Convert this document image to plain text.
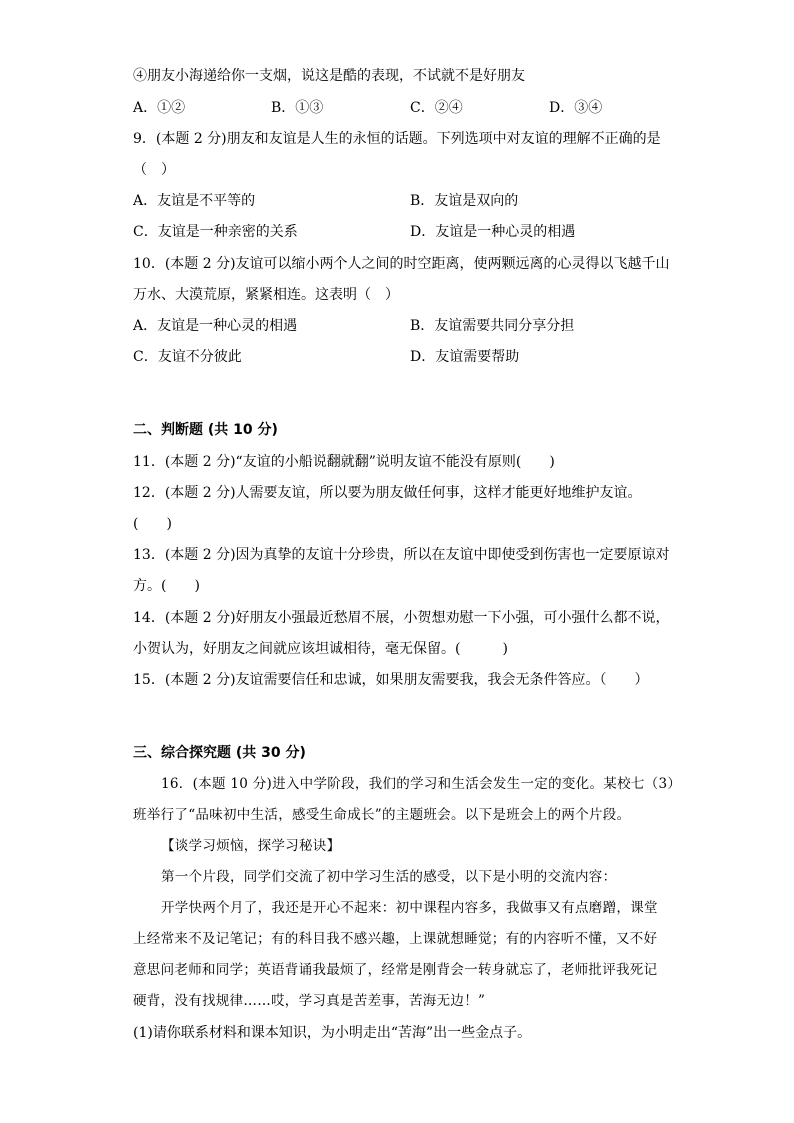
④朋友小海递给你一支烟，说这是酷的表现，不试就不是好朋友
A．①②	B．①③	C．②④	D．③④
9．(本题 2 分)朋友和友谊是人生的永恒的话题。下列选项中对友谊的理解不正确的是
（　）
A．友谊是不平等的	B．友谊是双向的
C．友谊是一种亲密的关系	D．友谊是一种心灵的相遇
10．(本题 2 分)友谊可以缩小两个人之间的时空距离，使两颗远离的心灵得以飞越千山
万水、大漠荒原，紧紧相连。这表明（　）
A．友谊是一种心灵的相遇	B．友谊需要共同分享分担
C．友谊不分彼此	D．友谊需要帮助
二、判断题 (共 10 分)
11．(本题 2 分)“友谊的小船说翻就翻”说明友谊不能没有原则(　　)
12．(本题 2 分)人需要友谊，所以要为朋友做任何事，这样才能更好地维护友谊。
(　　)
13．(本题 2 分)因为真挚的友谊十分珍贵，所以在友谊中即使受到伤害也一定要原谅对
方。(　　)
14．(本题 2 分)好朋友小强最近愁眉不展，小贺想劝慰一下小强，可小强什么都不说，
小贺认为，好朋友之间就应该坦诚相待，毫无保留。(　　　)
15．(本题 2 分)友谊需要信任和忠诚，如果朋友需要我，我会无条件答应。（　　）
三、综合探究题 (共 30 分)
16．(本题 10 分)进入中学阶段，我们的学习和生活会发生一定的变化。某校七（3）
班举行了“品味初中生活，感受生命成长”的主题班会。以下是班会上的两个片段。
【谈学习烦恼，探学习秘诀】
第一个片段，同学们交流了初中学习生活的感受，以下是小明的交流内容：
开学快两个月了，我还是开心不起来：初中课程内容多，我做事又有点磨蹭，课堂
上经常来不及记笔记；有的科目我不感兴趣，上课就想睡觉；有的内容听不懂，又不好
意思问老师和同学；英语背诵我最烦了，经常是刚背会一转身就忘了，老师批评我死记
硬背，没有找规律……哎，学习真是苦差事，苦海无边！”
(1)请你联系材料和课本知识，为小明走出“苦海”出一些金点子。
